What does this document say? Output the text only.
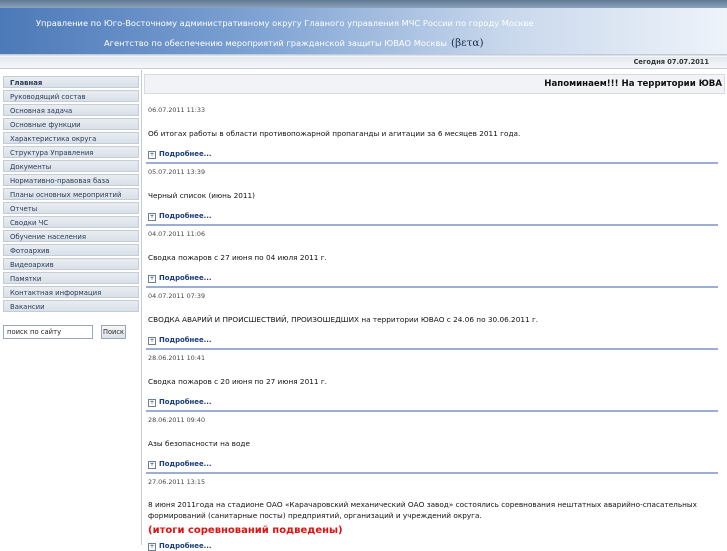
Управление по Юго-Восточному административному округу Главного управления МЧС России по городу Москве
Агентство по обеспечению мероприятий гражданской защиты ЮВАО Москвы (βετα)
Сегодня 07.07.2011
Главная
Руководящий состав
Основная задача
Основные функции
Характеристика округа
Структура Управления
Документы
Нормативно-правовая база
Планы основных мероприятий
Отчеты
Сводки ЧС
Обучение населения
Фотоархив
Видеоархив
Памятки
Контактная информация
Вакансии
поиск по сайту
Поиск
Напоминаем!!! На территории ЮВА
06.07.2011 11:33
Об итогах работы в области противопожарной пропаганды и агитации за 6 месяцев 2011 года.
+ Подробнее...
05.07.2011 13:39
Черный список (июнь 2011)
+ Подробнее...
04.07.2011 11:06
Сводка пожаров с 27 июня по 04 июля 2011 г.
+ Подробнее...
04.07.2011 07:39
СВОДКА АВАРИЙ И ПРОИСШЕСТВИЙ, ПРОИЗОШЕДШИХ на территории ЮВАО с 24.06 по 30.06.2011 г.
+ Подробнее...
28.06.2011 10:41
Сводка пожаров с 20 июня по 27 июня 2011 г.
+ Подробнее...
28.06.2011 09:40
Азы безопасности на воде
+ Подробнее...
27.06.2011 13:15
8 июня 2011года на стадионе ОАО «Карачаровский механический ОАО завод» состоялись соревнования нештатных аварийно-спасательных формирований (санитарные посты) предприятий, организаций и учреждений округа.
(итоги соревнований подведены)
+ Подробнее...
